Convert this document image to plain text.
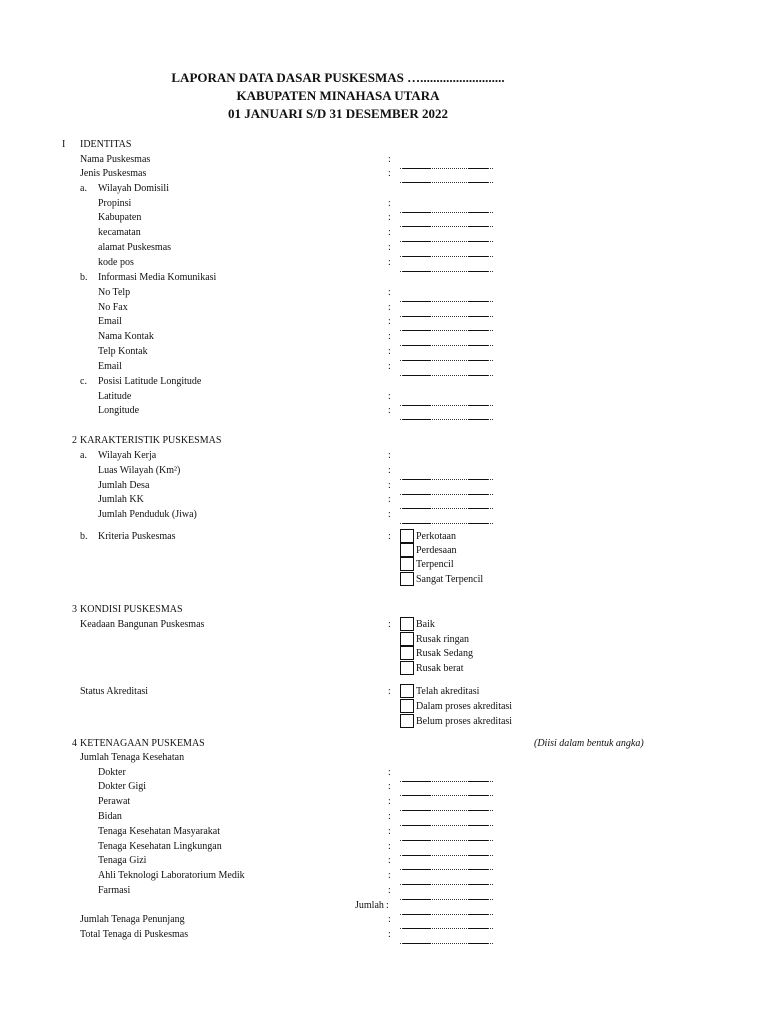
LAPORAN DATA DASAR PUSKESMAS …..........................
KABUPATEN MINAHASA UTARA
01 JANUARI S/D 31 DESEMBER 2022
I IDENTITAS
Nama Puskesmas	:
Jenis Puskesmas	:
a. Wilayah Domisili
Propinsi	:
Kabupaten	:
kecamatan	:
alamat Puskesmas	:
kode pos	:
b. Informasi Media Komunikasi
No Telp	:
No Fax	:
Email	:
Nama Kontak	:
Telp Kontak	:
Email	:
c. Posisi Latitude Longitude
Latitude	:
Longitude	:
2 KARAKTERISTIK PUSKESMAS
a. Wilayah Kerja	:
Luas Wilayah (Km²)	:
Jumlah Desa	:
Jumlah KK	:
Jumlah Penduduk (Jiwa)	:
b. Kriteria Puskesmas	:	Perkotaan
Perdesaan
Terpencil
Sangat Terpencil
3 KONDISI PUSKESMAS
Keadaan Bangunan Puskesmas	:	Baik
Rusak ringan
Rusak Sedang
Rusak berat
Status Akreditasi	:	Telah akreditasi
Dalam proses akreditasi
Belum proses akreditasi
4 KETENAGAAN PUSKEMAS	(Diisi dalam bentuk angka)
Jumlah Tenaga Kesehatan
Dokter	:
Dokter Gigi	:
Perawat	:
Bidan	:
Tenaga Kesehatan Masyarakat	:
Tenaga Kesehatan Lingkungan	:
Tenaga Gizi	:
Ahli Teknologi Laboratorium Medik	:
Farmasi	:
Jumlah :
Jumlah Tenaga Penunjang	:
Total Tenaga di Puskesmas	:
